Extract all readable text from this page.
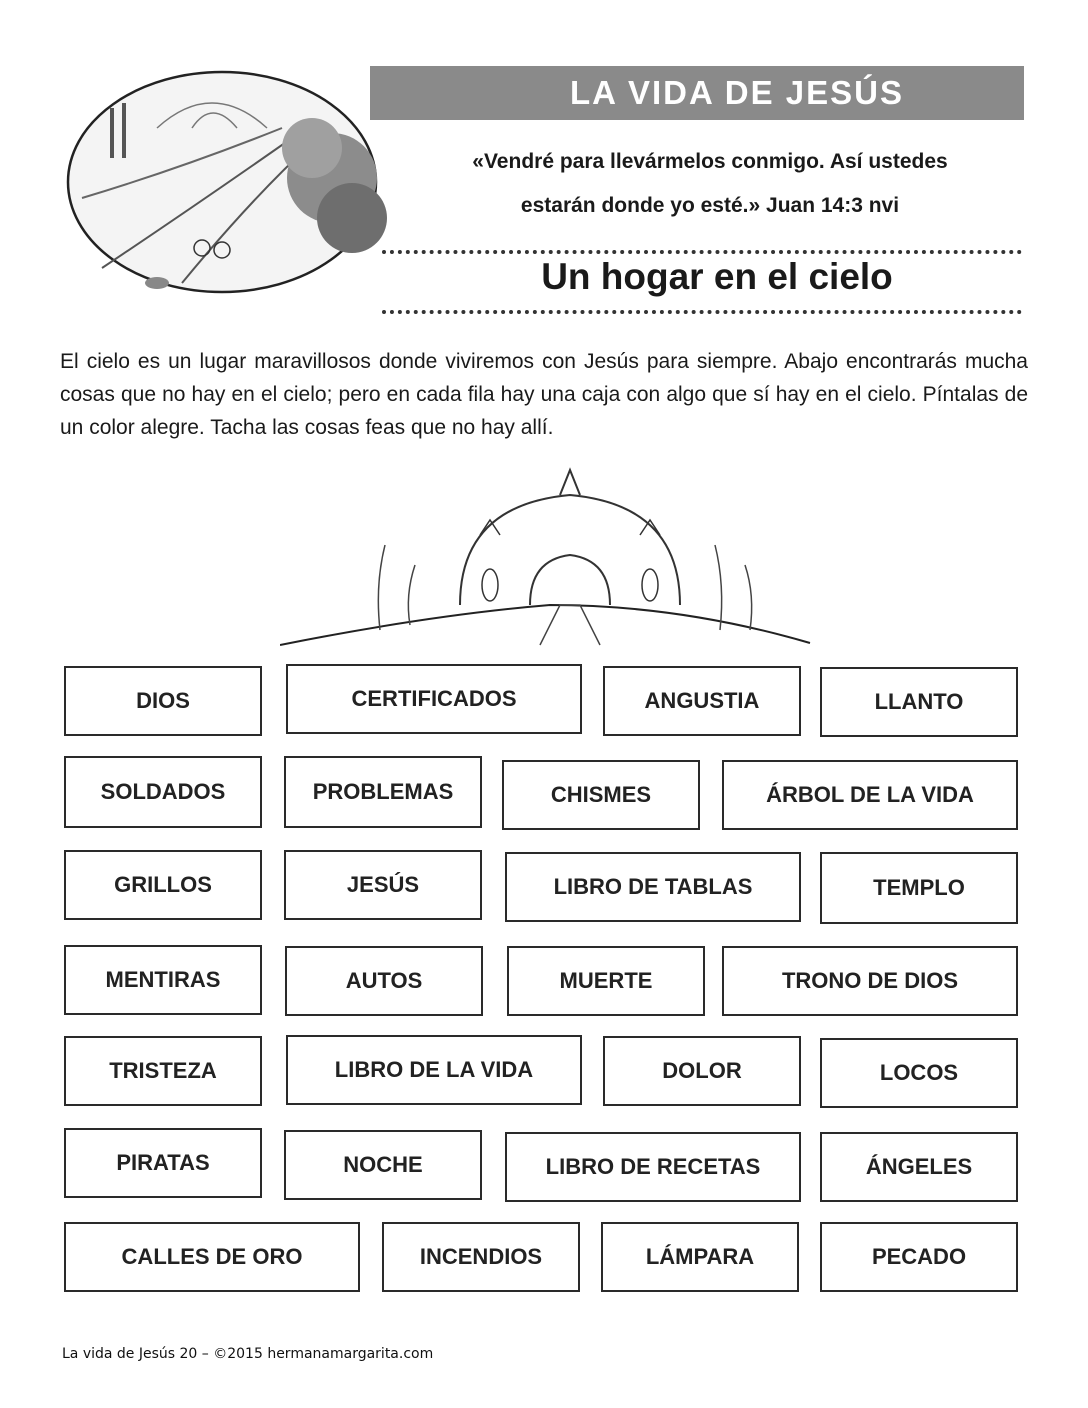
LA VIDA DE JESÚS
«Vendré para llevármelos conmigo. Así ustedes
estarán donde yo esté.» Juan 14:3 nvi
Un hogar en el cielo
El cielo es un lugar maravillosos donde viviremos con Jesús para siempre. Abajo encontrarás mucha cosas que no hay en el cielo; pero en cada fila hay una caja con algo que sí hay en el cielo. Píntalas de un color alegre. Tacha las cosas feas que no hay allí.
DIOS	CERTIFICADOS	ANGUSTIA	LLANTO
SOLDADOS	PROBLEMAS	CHISMES	ÁRBOL DE LA VIDA
GRILLOS	JESÚS	LIBRO DE TABLAS	TEMPLO
MENTIRAS	AUTOS	MUERTE	TRONO DE DIOS
TRISTEZA	LIBRO DE LA VIDA	DOLOR	LOCOS
PIRATAS	NOCHE	LIBRO DE RECETAS	ÁNGELES
CALLES DE ORO	INCENDIOS	LÁMPARA	PECADO
La vida de Jesús 20 – ©2015 hermanamargarita.com
